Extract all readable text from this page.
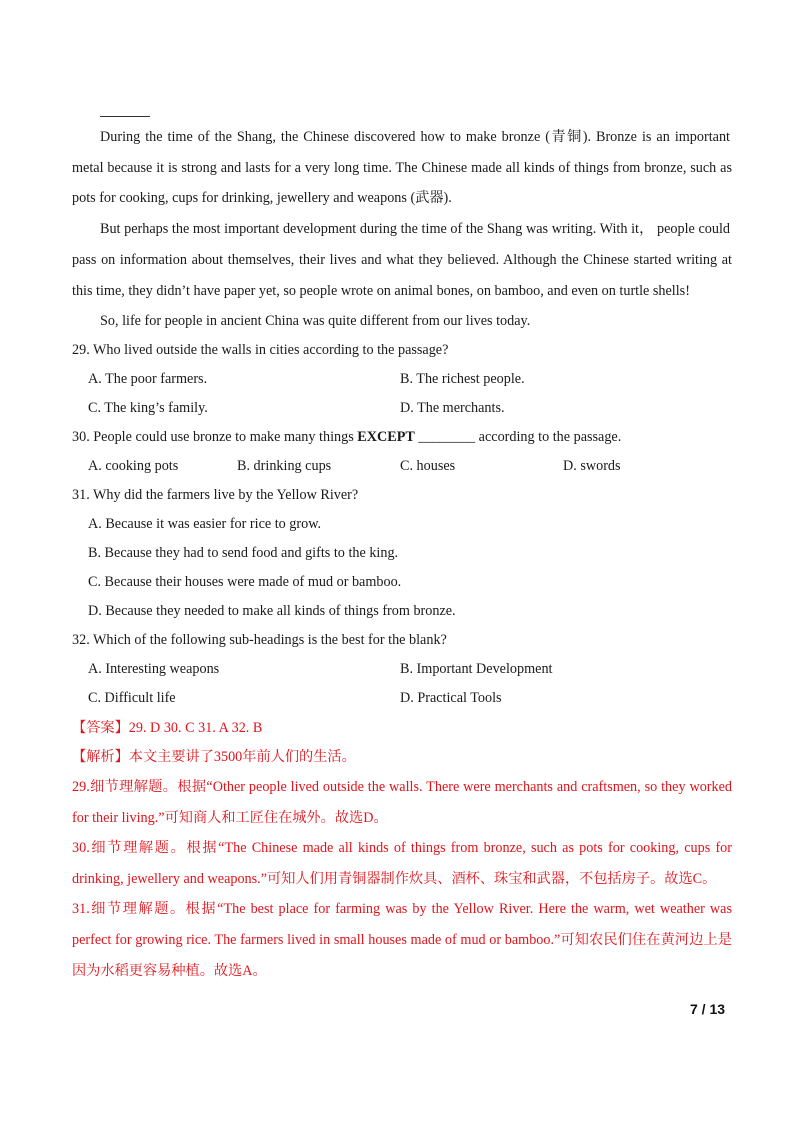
During the time of the Shang, the Chinese discovered how to make bronze (青铜). Bronze is an important
metal because it is strong and lasts for a very long time. The Chinese made all kinds of things from bronze, such as
pots for cooking, cups for drinking, jewellery and weapons (武器).
But perhaps the most important development during the time of the Shang was writing. With it， people could
pass on information about themselves, their lives and what they believed. Although the Chinese started writing at
this time, they didn’t have paper yet, so people wrote on animal bones, on bamboo, and even on turtle shells!
So, life for people in ancient China was quite different from our lives today.
29. Who lived outside the walls in cities according to the passage?
A. The poor farmers.	B. The richest people.
C. The king’s family.	D. The merchants.
30. People could use bronze to make many things EXCEPT ________ according to the passage.
A. cooking pots	B. drinking cups	C. houses	D. swords
31. Why did the farmers live by the Yellow River?
A. Because it was easier for rice to grow.
B. Because they had to send food and gifts to the king.
C. Because their houses were made of mud or bamboo.
D. Because they needed to make all kinds of things from bronze.
32. Which of the following sub-headings is the best for the blank?
A. Interesting weapons	B. Important Development
C. Difficult life	D. Practical Tools
【答案】29. D 30. C 31. A 32. B
【解析】本文主要讲了3500年前人们的生活。
29.细节理解题。根据“Other people lived outside the walls. There were merchants and craftsmen, so they worked
for their living.”可知商人和工匠住在城外。故选D。
30.细节理解题。根据“The Chinese made all kinds of things from bronze, such as pots for cooking, cups for
drinking, jewellery and weapons.”可知人们用青铜器制作炊具、酒杯、珠宝和武器，不包括房子。故选C。
31.细节理解题。根据“The best place for farming was by the Yellow River. Here the warm, wet weather was
perfect for growing rice. The farmers lived in small houses made of mud or bamboo.”可知农民们住在黄河边上是
因为水稻更容易种植。故选A。
7 / 13
